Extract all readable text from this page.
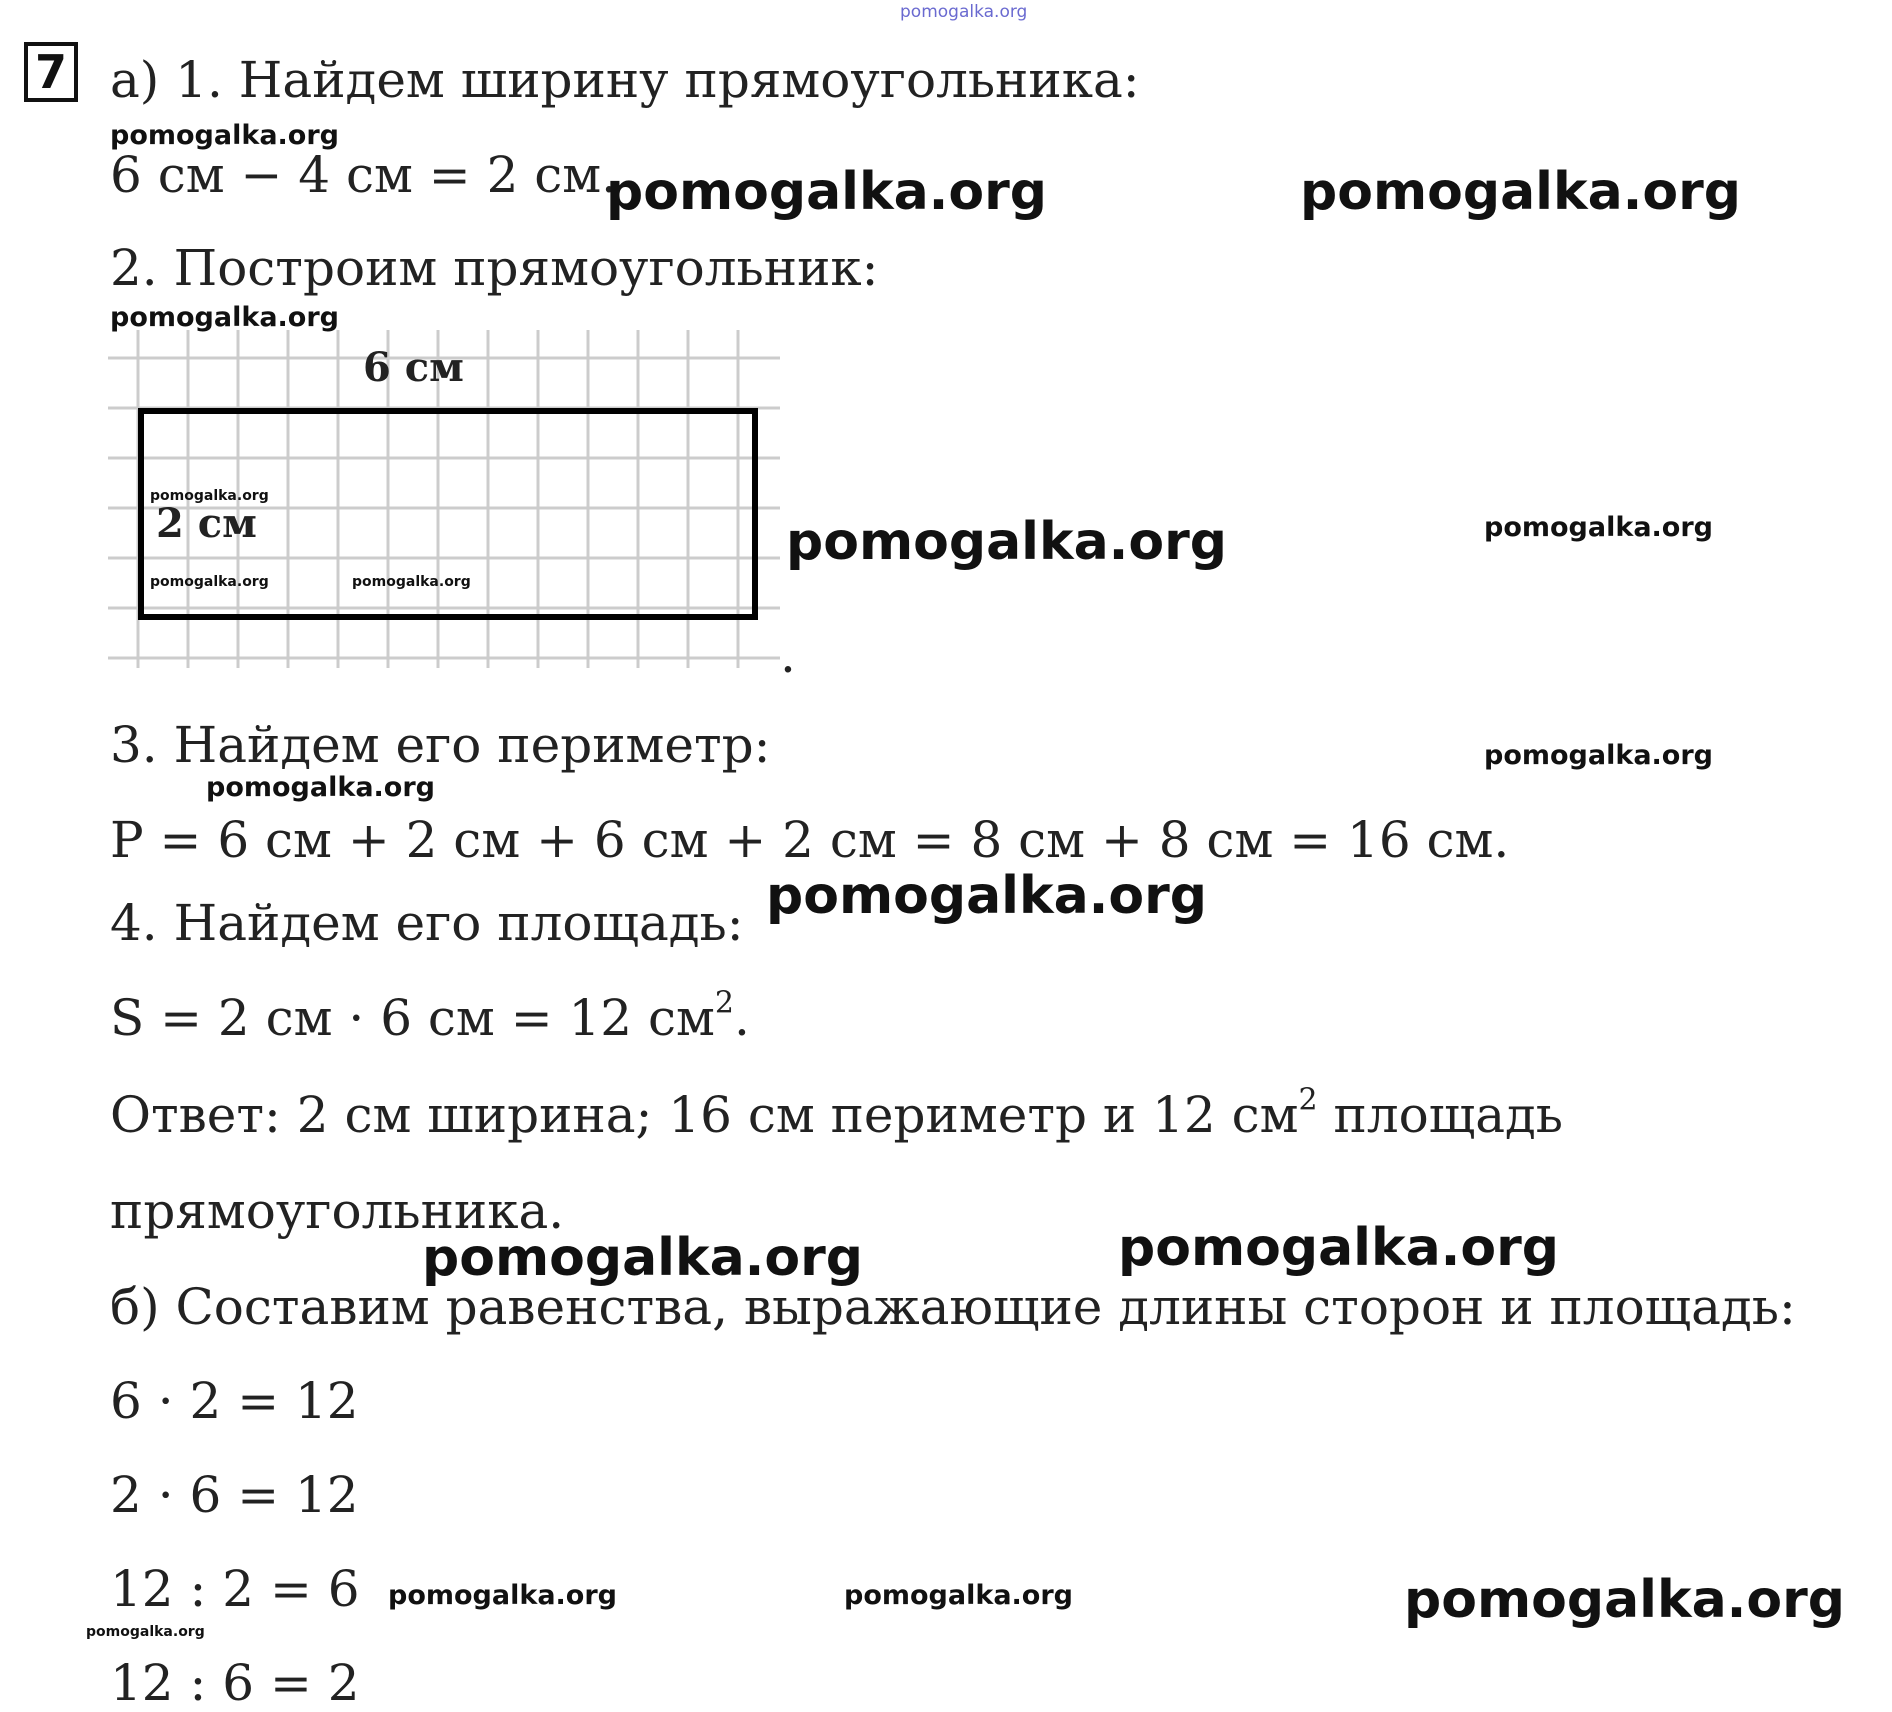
pomogalka.org
7 а) 1. Найдем ширину прямоугольника:
pomogalka.org
6 см − 4 см = 2 см.
pomogalka.org	pomogalka.org
2. Построим прямоугольник:
pomogalka.org
6 см
2 см
pomogalka.org
pomogalka.org	pomogalka.org
.
pomogalka.org	pomogalka.org
3. Найдем его периметр:	pomogalka.org
pomogalka.org
P = 6 см + 2 см + 6 см + 2 см = 8 см + 8 см = 16 см.
pomogalka.org
4. Найдем его площадь:
S = 2 см · 6 см = 12 $см^2$.
Ответ: 2 см ширина; 16 см периметр и 12 $см^2$ площадь
прямоугольника.
pomogalka.org	pomogalka.org
б) Составим равенства, выражающие длины сторон и площадь:
6 · 2 = 12
2 · 6 = 12
12 : 2 = 6 pomogalka.org	pomogalka.org	pomogalka.org
pomogalka.org
12 : 6 = 2
